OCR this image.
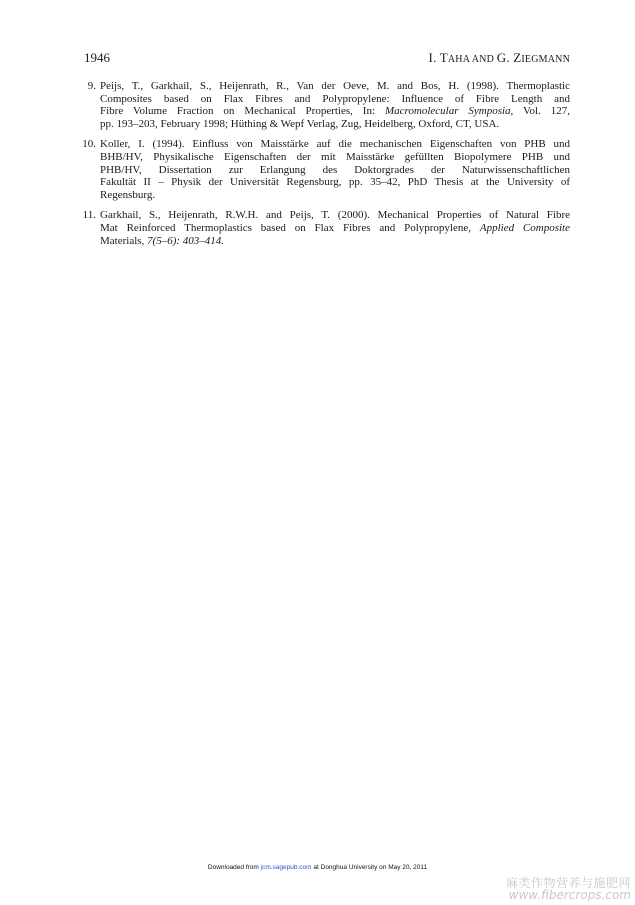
1946	I. TAHA AND G. ZIEGMANN
9. Peijs, T., Garkhail, S., Heijenrath, R., Van der Oeve, M. and Bos, H. (1998). Thermoplastic
Composites based on Flax Fibres and Polypropylene: Influence of Fibre Length and
Fibre Volume Fraction on Mechanical Properties, In: Macromolecular Symposia, Vol. 127,
pp. 193–203, February 1998; Hüthing & Wepf Verlag, Zug, Heidelberg, Oxford, CT, USA.
10. Koller, I. (1994). Einfluss von Maisstärke auf die mechanischen Eigenschaften von PHB und
BHB/HV, Physikalische Eigenschaften der mit Maisstärke gefüllten Biopolymere PHB und
PHB/HV, Dissertation zur Erlangung des Doktorgrades der Naturwissenschaftlichen
Fakultät II – Physik der Universität Regensburg, pp. 35–42, PhD Thesis at the University of
Regensburg.
11. Garkhail, S., Heijenrath, R.W.H. and Peijs, T. (2000). Mechanical Properties of Natural Fibre
Mat Reinforced Thermoplastics based on Flax Fibres and Polypropylene, Applied Composite
Materials, 7(5–6): 403–414.
Downloaded from jcm.sagepub.com at Donghua University on May 20, 2011
麻类作物营养与施肥网
www.fibercrops.com
